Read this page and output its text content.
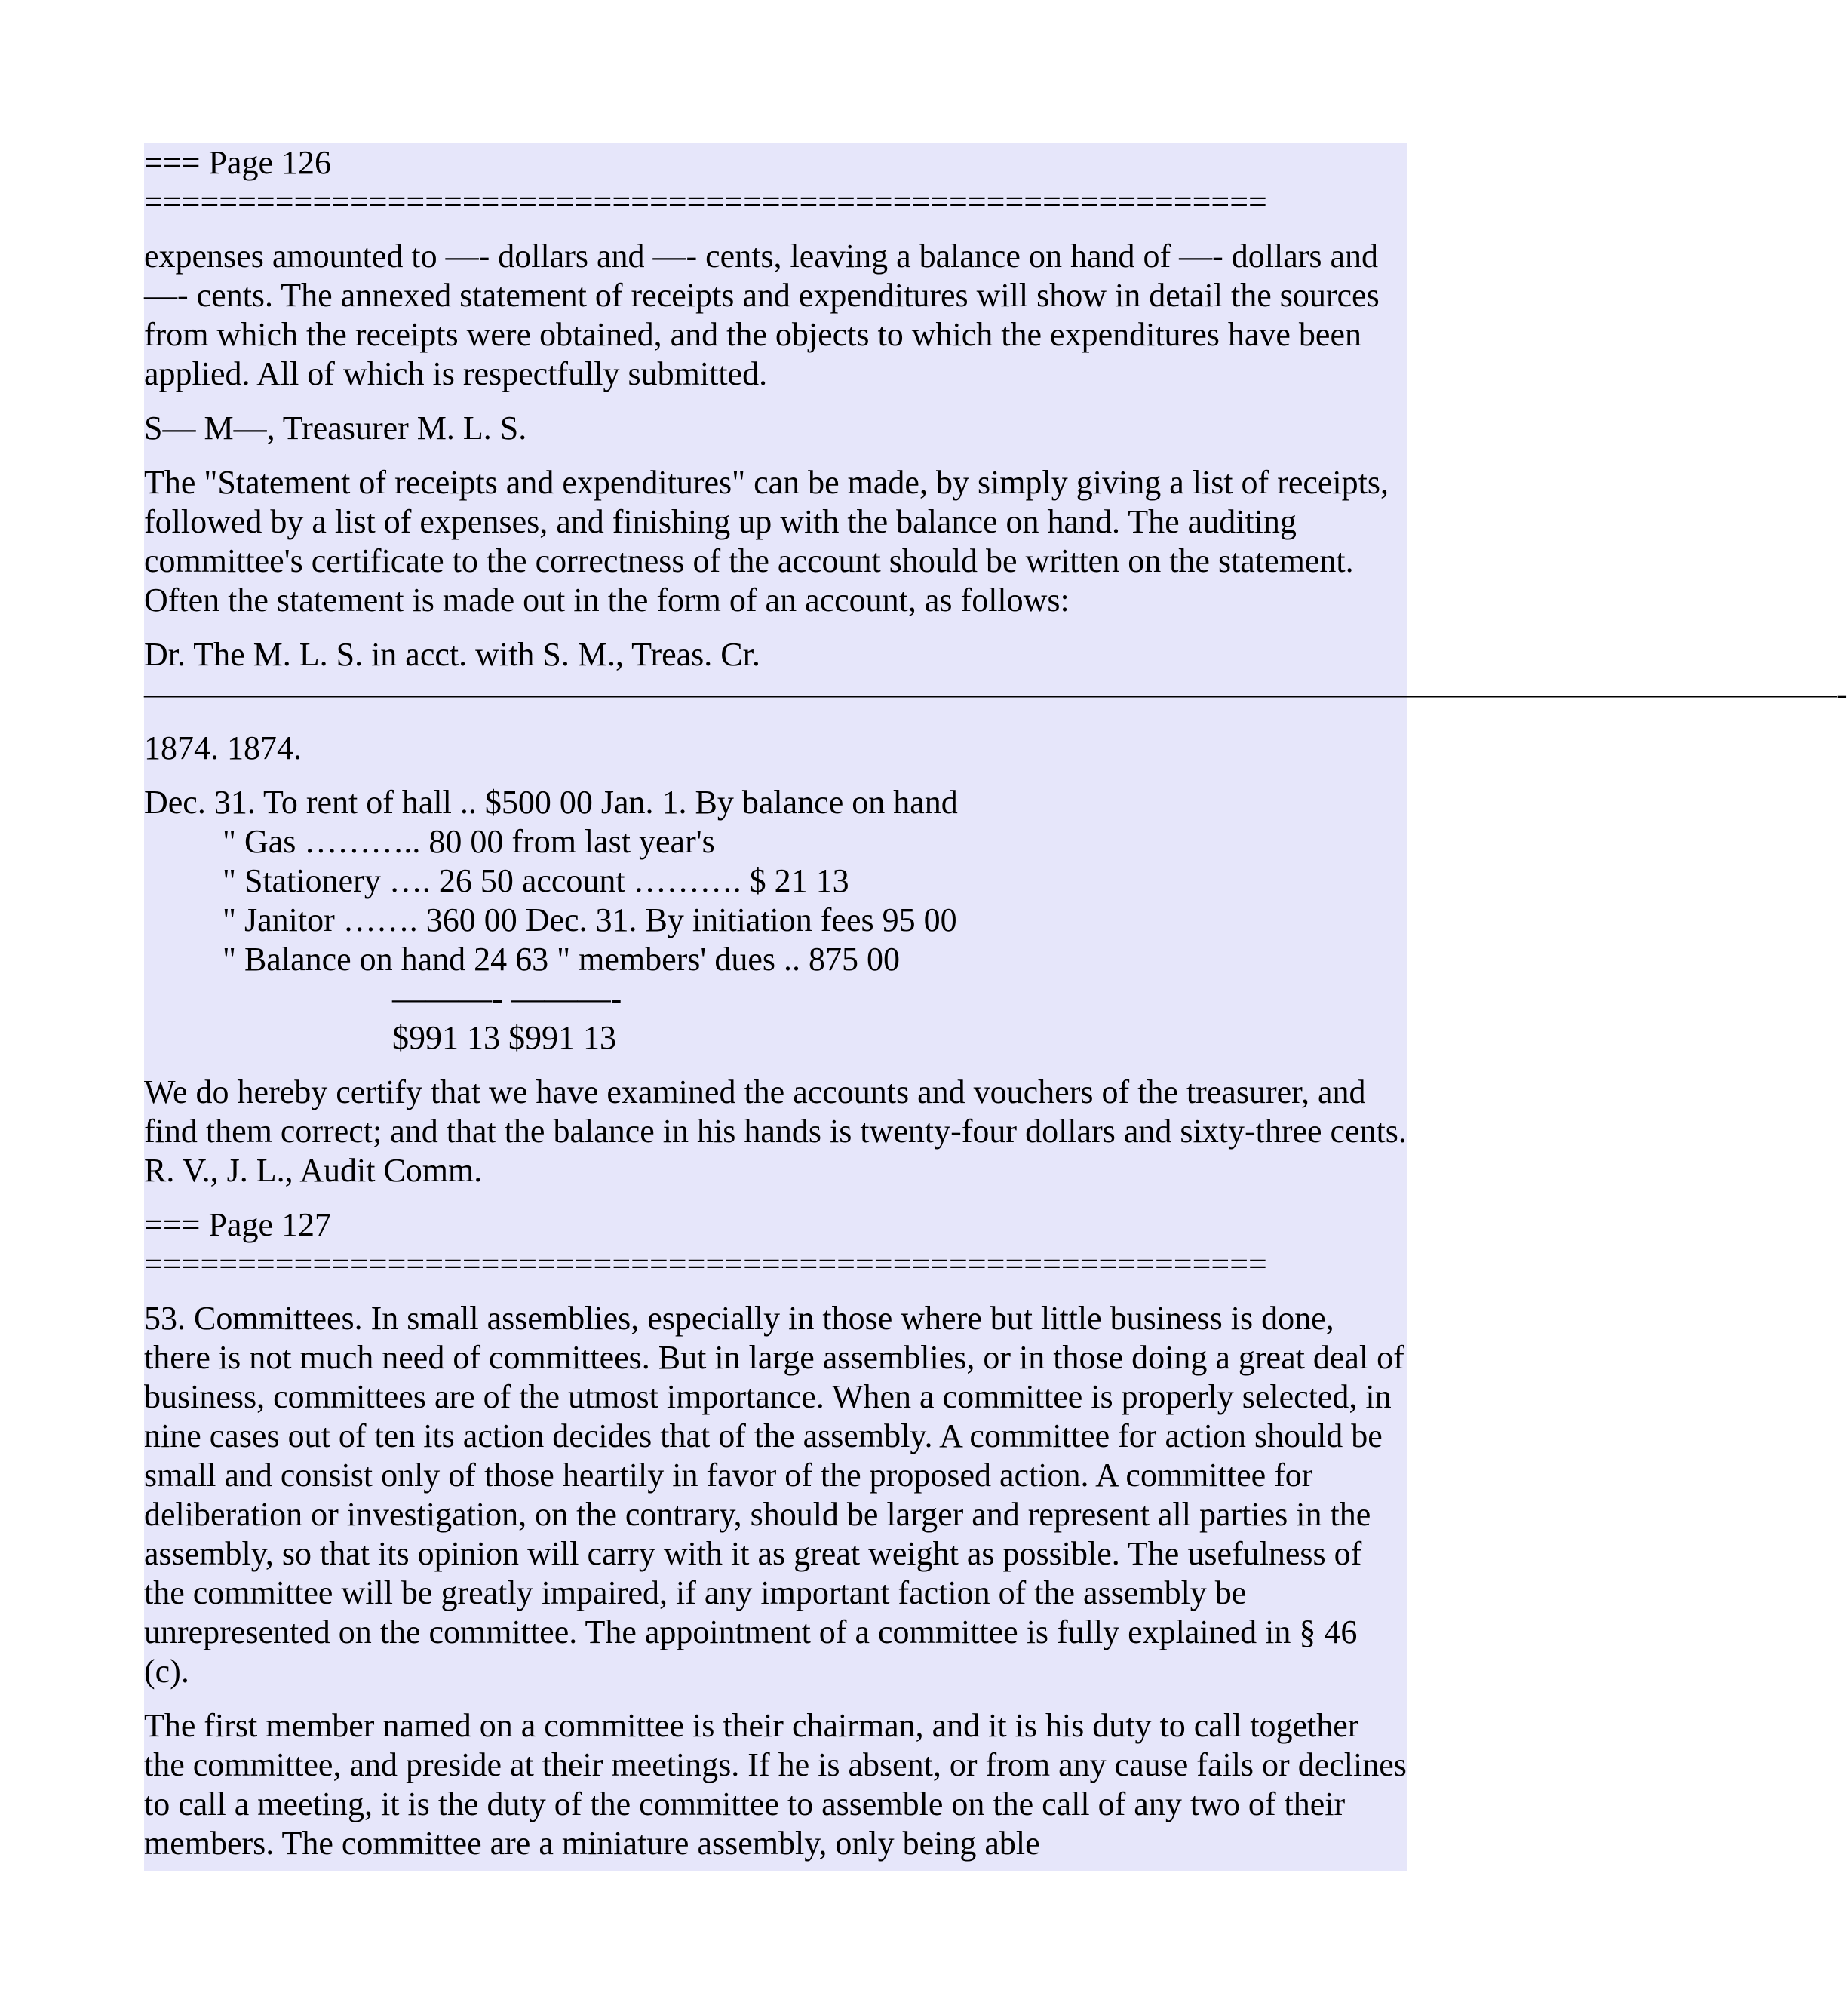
=== Page 126
============================================================

expenses amounted to —- dollars and —- cents, leaving a balance on hand of —- dollars and —- cents. The annexed statement of receipts and expenditures will show in detail the sources from which the receipts were obtained, and the objects to which the expenditures have been applied. All of which is respectfully submitted.

S— M—, Treasurer M. L. S.

The "Statement of receipts and expenditures" can be made, by simply giving a list of receipts, followed by a list of expenses, and finishing up with the balance on hand. The auditing committee's certificate to the correctness of the account should be written on the statement. Often the statement is made out in the form of an account, as follows:

Dr. The M. L. S. in acct. with S. M., Treas. Cr.
———————————————————————————————————————————————————-

1874. 1874.

Dec. 31. To rent of hall .. $500 00 Jan. 1. By balance on hand
" Gas ……….. 80 00 from last year's
" Stationery …. 26 50 account ………. $ 21 13
" Janitor ……. 360 00 Dec. 31. By initiation fees 95 00
" Balance on hand 24 63 " members' dues .. 875 00
———- ———-
$991 13 $991 13

We do hereby certify that we have examined the accounts and vouchers of the treasurer, and find them correct; and that the balance in his hands is twenty-four dollars and sixty-three cents. R. V., J. L., Audit Comm.

=== Page 127
============================================================

53. Committees. In small assemblies, especially in those where but little business is done, there is not much need of committees. But in large assemblies, or in those doing a great deal of business, committees are of the utmost importance. When a committee is properly selected, in nine cases out of ten its action decides that of the assembly. A committee for action should be small and consist only of those heartily in favor of the proposed action. A committee for deliberation or investigation, on the contrary, should be larger and represent all parties in the assembly, so that its opinion will carry with it as great weight as possible. The usefulness of the committee will be greatly impaired, if any important faction of the assembly be unrepresented on the committee. The appointment of a committee is fully explained in § 46 (c).

The first member named on a committee is their chairman, and it is his duty to call together the committee, and preside at their meetings. If he is absent, or from any cause fails or declines to call a meeting, it is the duty of the committee to assemble on the call of any two of their members. The committee are a miniature assembly, only being able
